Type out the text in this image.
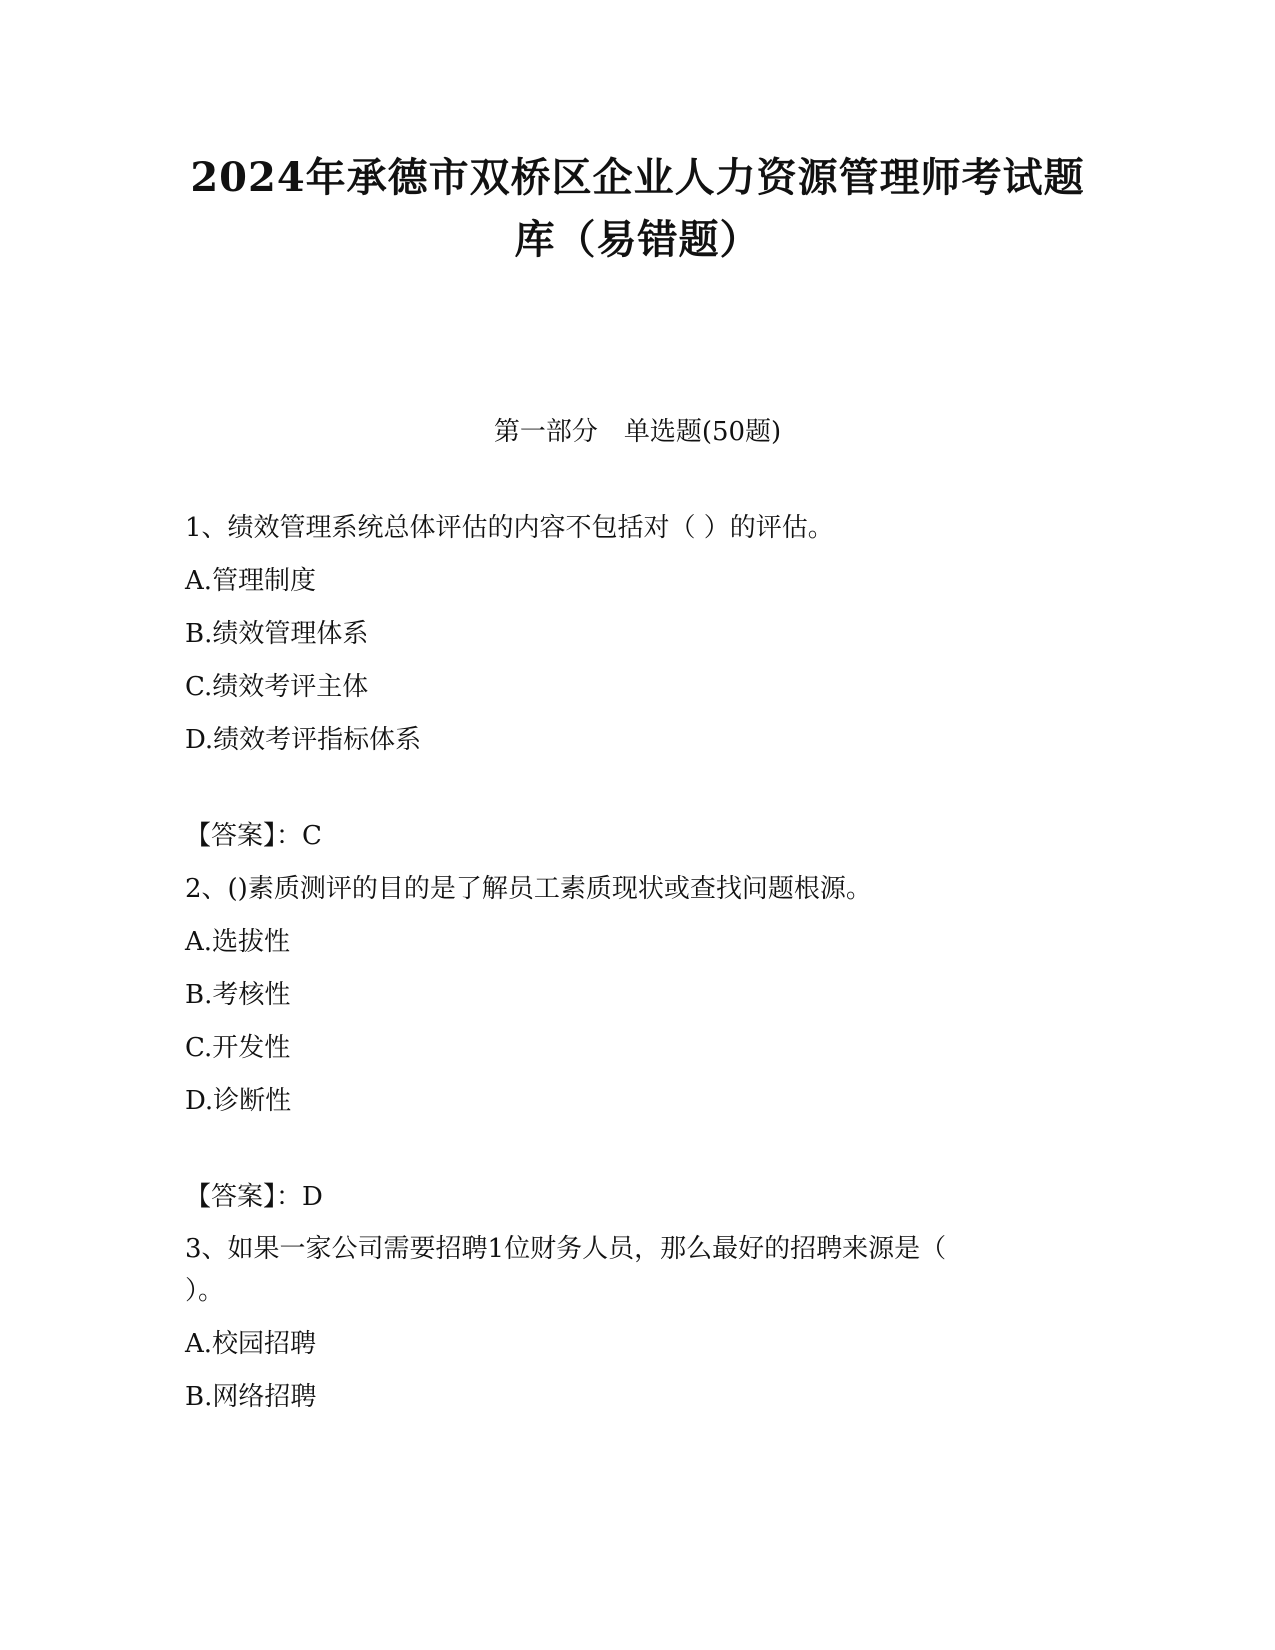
2024年承德市双桥区企业人力资源管理师考试题
库（易错题）
第一部分　单选题(50题)
1、绩效管理系统总体评估的内容不包括对（ ）的评估。
A.管理制度
B.绩效管理体系
C.绩效考评主体
D.绩效考评指标体系
【答案】：C
2、()素质测评的目的是了解员工素质现状或查找问题根源。
A.选拔性
B.考核性
C.开发性
D.诊断性
【答案】：D
3、如果一家公司需要招聘1位财务人员，那么最好的招聘来源是（
）。
A.校园招聘
B.网络招聘
